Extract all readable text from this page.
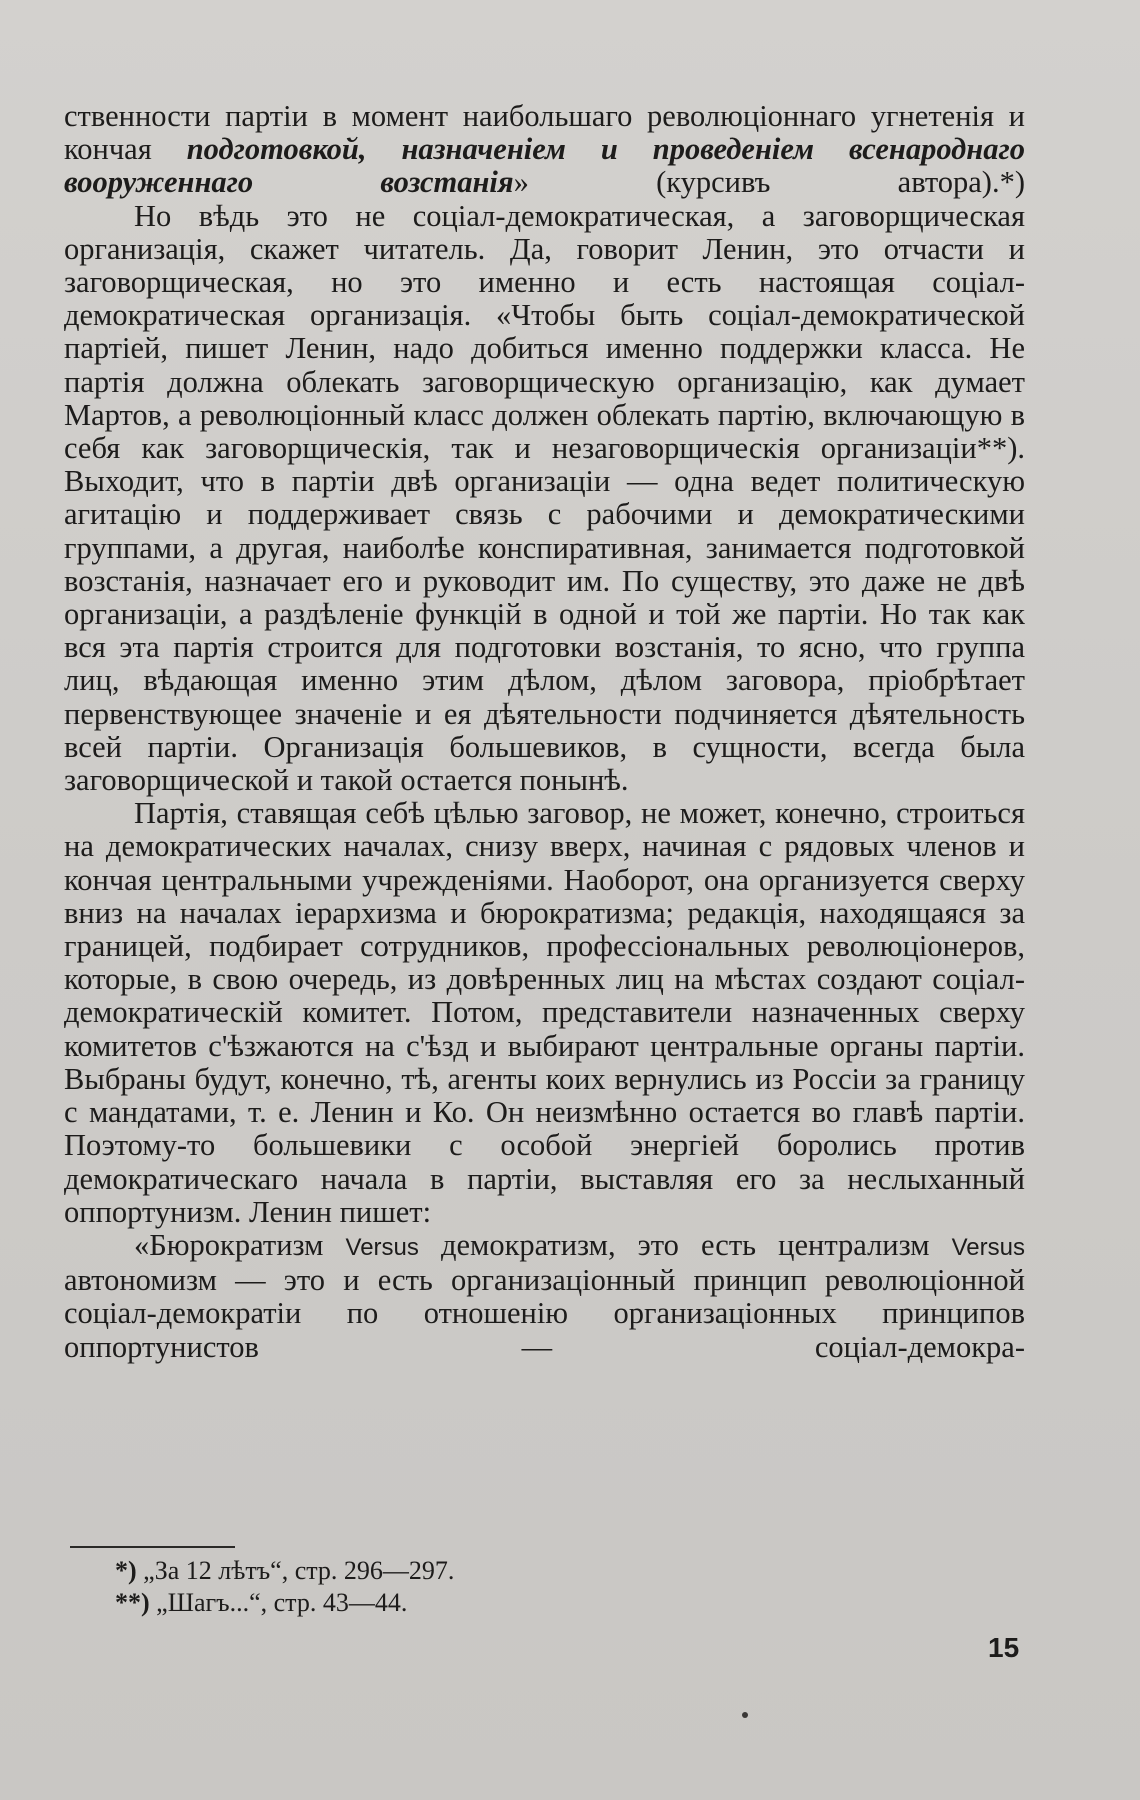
ственности партіи в момент наибольшаго революціоннаго угнетенія и кончая подготовкой, назначеніем и проведеніем всенароднаго вооруженнаго возстанія» (курсивъ автора).*)

Но вѣдь это не соціал-демократическая, а заговорщическая организація, скажет читатель. Да, говорит Ленин, это отчасти и заговорщическая, но это именно и есть настоящая соціал-демократическая организація. «Чтобы быть соціал-демократической партіей, пишет Ленин, надо добиться именно поддержки класса. Не партія должна облекать заговорщическую организацію, как думает Мартов, а революціонный класс должен облекать партію, включающую в себя как заговорщическія, так и незаговорщическія организаціи**). Выходит, что в партіи двѣ организаціи — одна ведет политическую агитацію и поддерживает связь с рабочими и демократическими группами, а другая, наиболѣе конспиративная, занимается подготовкой возстанія, назначает его и руководит им. По существу, это даже не двѣ организаціи, а раздѣленіе функцій в одной и той же партіи. Но так как вся эта партія строится для подготовки возстанія, то ясно, что группа лиц, вѣдающая именно этим дѣлом, дѣлом заговора, пріобрѣтает первенствующее значеніе и ея дѣятельности подчиняется дѣятельность всей партіи. Организація большевиков, в сущности, всегда была заговорщической и такой остается понынѣ.

Партія, ставящая себѣ цѣлью заговор, не может, конечно, строиться на демократических началах, снизу вверх, начиная с рядовых членов и кончая центральными учрежденіями. Наоборот, она организуется сверху вниз на началах іерархизма и бюрократизма; редакція, находящаяся за границей, подбирает сотрудников, профессіональных революціонеров, которые, в свою очередь, из довѣренных лиц на мѣстах создают соціал-демократическій комитет. Потом, представители назначенных сверху комитетов с'ѣзжаются на с'ѣзд и выбирают центральные органы партіи. Выбраны будут, конечно, тѣ, агенты коих вернулись из Россіи за границу с мандатами, т. е. Ленин и Ко. Он неизмѣнно остается во главѣ партіи. Поэтому-то большевики с особой энергіей боролись против демократическаго начала в партіи, выставляя его за неслыханный оппортунизм. Ленин пишет:

«Бюрократизм Versus демократизм, это есть централизм Versus автономизм — это и есть организаціонный принцип революціонной соціал-демократіи по отношенію организаціонных принципов оппортунистов — соціал-демокра-

*) „За 12 лѣтъ“, стр. 296—297.

**) „Шагъ...“, стр. 43—44.

15
